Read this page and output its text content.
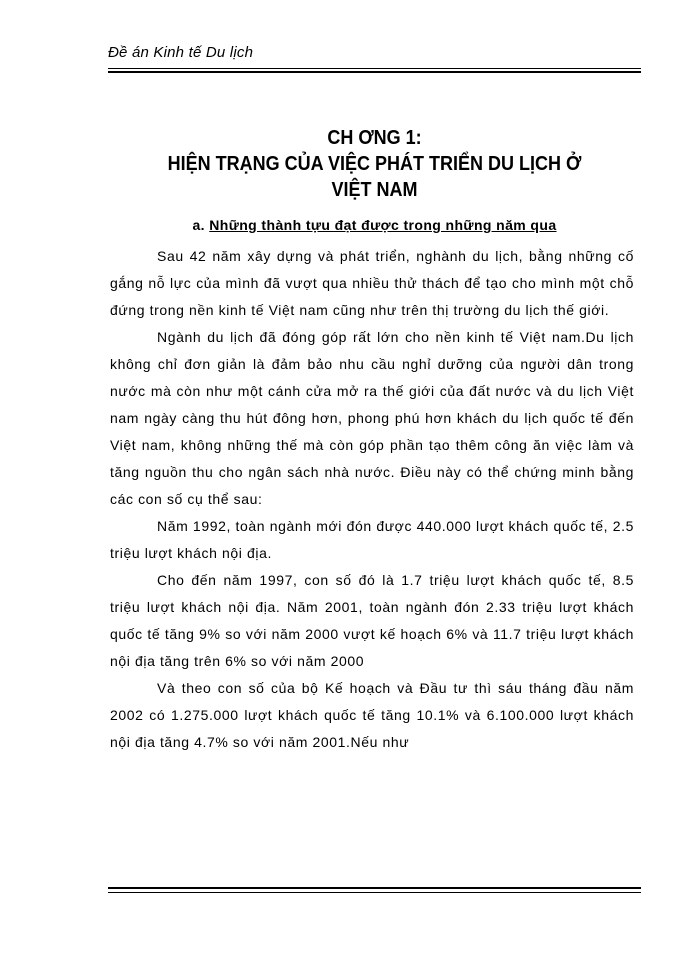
Đề án Kinh tế Du lịch
CH ƠNG 1:
HIỆN TRẠNG CỦA VIỆC PHÁT TRIỂN DU LỊCH Ở
VIỆT NAM
a. Những thành tựu đạt được trong những năm qua

Sau 42 năm xây dựng và phát triển, nghành du lịch, bằng những cố gắng nỗ lực của mình đã vượt qua nhiều thử thách để tạo cho mình một chỗ đứng trong nền kinh tế Việt nam cũng như trên thị trường du lịch thế giới.

Ngành du lịch đã đóng góp rất lớn cho nền kinh tế Việt nam.Du lịch không chỉ đơn giản là đảm bảo nhu cầu nghỉ dưỡng của người dân trong nước mà còn như một cánh cửa mở ra thế giới của đất nước và du lịch Việt nam ngày càng thu hút đông hơn, phong phú hơn khách du lịch quốc tế đến Việt nam, không những thế mà còn góp phần tạo thêm công ăn việc làm và tăng nguồn thu cho ngân sách nhà nước. Điều này có thể chứng minh bằng các con số cụ thể sau:

Năm 1992, toàn ngành mới đón được 440.000 lượt khách quốc tế, 2.5 triệu lượt khách nội địa.

Cho đến năm 1997, con số đó là 1.7 triệu lượt khách quốc tế, 8.5 triệu lượt khách nội địa. Năm 2001, toàn ngành đón 2.33 triệu lượt khách quốc tế tăng 9% so với năm 2000 vượt kế hoạch 6% và 11.7 triệu lượt khách nội địa tăng trên 6% so với năm 2000

Và theo con số của bộ Kế hoạch và Đầu tư thì sáu tháng đầu năm 2002 có 1.275.000 lượt khách quốc tế tăng 10.1% và 6.100.000 lượt khách nội địa tăng 4.7% so với năm 2001.Nếu như
